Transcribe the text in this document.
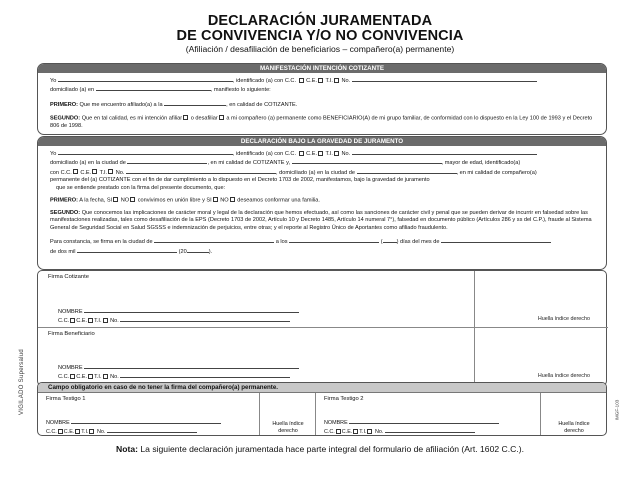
DECLARACIÓN JURAMENTADA
DE CONVIVENCIA Y/O NO CONVIVENCIA
(Afiliación / desafiliación de beneficiarios – compañero(a) permanente)
MANIFESTACIÓN INTENCIÓN COTIZANTE
Yo	, identificado (a) con C.C. C.E. T.I. No.
domiciliado (a) en	, manifiesto lo siguiente:
PRIMERO: Que me encuentro afiliado(a) a la	, en calidad de COTIZANTE.
SEGUNDO: Que en tal calidad, es mi intención afiliar o desafiliar a mi compañero (a) permanente como BENEFICIARIO(A) de mi grupo familiar, de conformidad con lo dispuesto en la Ley 100 de 1993 y el Decreto 806 de 1998.
DECLARACIÓN BAJO LA GRAVEDAD DE JURAMENTO
Yo	, identificado (a) con C.C. C.E. T.I. No.
domiciliado (a) en la ciudad de	, en mi calidad de COTIZANTE y,	, mayor de edad, identificado(a)
con C.C. C.E. T.I. No.	, domiciliado (a) en la ciudad de	, en mi calidad de compañero(a)
permanente del (a) COTIZANTE con el fin de dar cumplimiento a lo dispuesto en el Decreto 1703 de 2002, manifestamos, bajo la gravedad de juramento
que se entiende prestado con la firma del presente documento, que:
PRIMERO: A la fecha, SI NO convivimos en unión libre y SI NO deseamos conformar una familia.
SEGUNDO: Que conocemos las implicaciones de carácter moral y legal de la declaración que hemos efectuado, así como las sanciones de carácter civil y penal que se pueden derivar de incurrir en falsedad sobre las manifestaciones realizadas, tales como desafiliación de la EPS (Decreto 1703 de 2002, Artículo 10 y Decreto 1485, Artículo 14 numeral 7°), falsedad en documento público (Artículos 286 y ss del C.P.), fraude al Sistema General de Seguridad Social en Salud SGSSS e indemnización de perjuicios, entre otras; y el reporte al Registro Único de Aportantes como afiliado fraudulento.
Para constancia, se firma en la ciudad de	a los	(	) días del mes de
de dos mil	(20	).
Firma Cotizante
NOMBRE
C.C. C.E. T.I. No.	Huella índice derecho
Firma Beneficiario
NOMBRE
C.C. C.E. T.I. No.	Huella índice derecho
Campo obligatorio en caso de no tener la firma del compañero(a) permanente.
Firma Testigo 1
NOMBRE
C.C. C.E. T.I. No.
Huella índice
derecho
Firma Testigo 2
NOMBRE
C.C. C.E. T.I. No.
Huella índice
derecho
Nota: La siguiente declaración juramentada hace parte integral del formulario de afiliación (Art. 1602 C.C.).
VIGILADO Supersalud	IMGF-103
